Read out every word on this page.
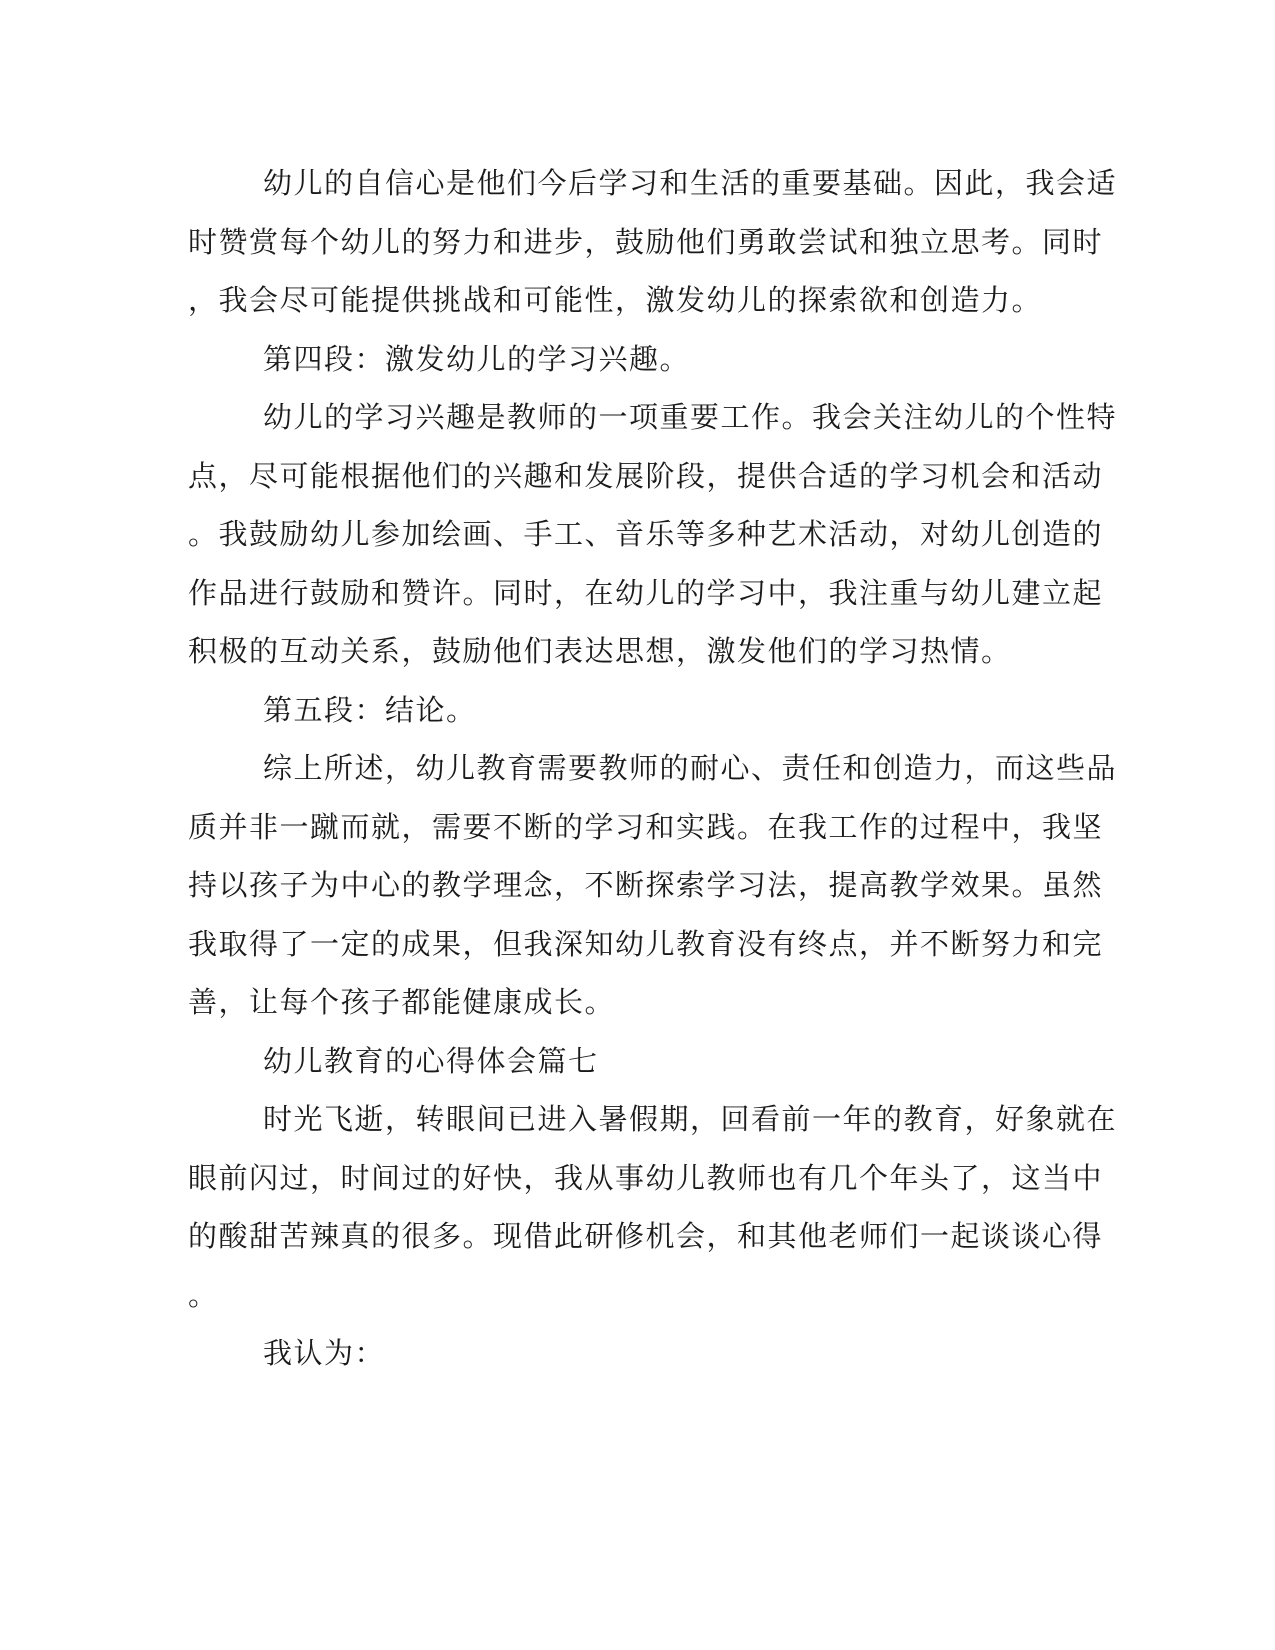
幼儿的自信心是他们今后学习和生活的重要基础。因此，我会适
时赞赏每个幼儿的努力和进步，鼓励他们勇敢尝试和独立思考。同时
，我会尽可能提供挑战和可能性，激发幼儿的探索欲和创造力。
第四段：激发幼儿的学习兴趣。
幼儿的学习兴趣是教师的一项重要工作。我会关注幼儿的个性特
点，尽可能根据他们的兴趣和发展阶段，提供合适的学习机会和活动
。我鼓励幼儿参加绘画、手工、音乐等多种艺术活动，对幼儿创造的
作品进行鼓励和赞许。同时，在幼儿的学习中，我注重与幼儿建立起
积极的互动关系，鼓励他们表达思想，激发他们的学习热情。
第五段：结论。
综上所述，幼儿教育需要教师的耐心、责任和创造力，而这些品
质并非一蹴而就，需要不断的学习和实践。在我工作的过程中，我坚
持以孩子为中心的教学理念，不断探索学习法，提高教学效果。虽然
我取得了一定的成果，但我深知幼儿教育没有终点，并不断努力和完
善，让每个孩子都能健康成长。
幼儿教育的心得体会篇七
时光飞逝，转眼间已进入暑假期，回看前一年的教育，好象就在
眼前闪过，时间过的好快，我从事幼儿教师也有几个年头了，这当中
的酸甜苦辣真的很多。现借此研修机会，和其他老师们一起谈谈心得
。
我认为：
